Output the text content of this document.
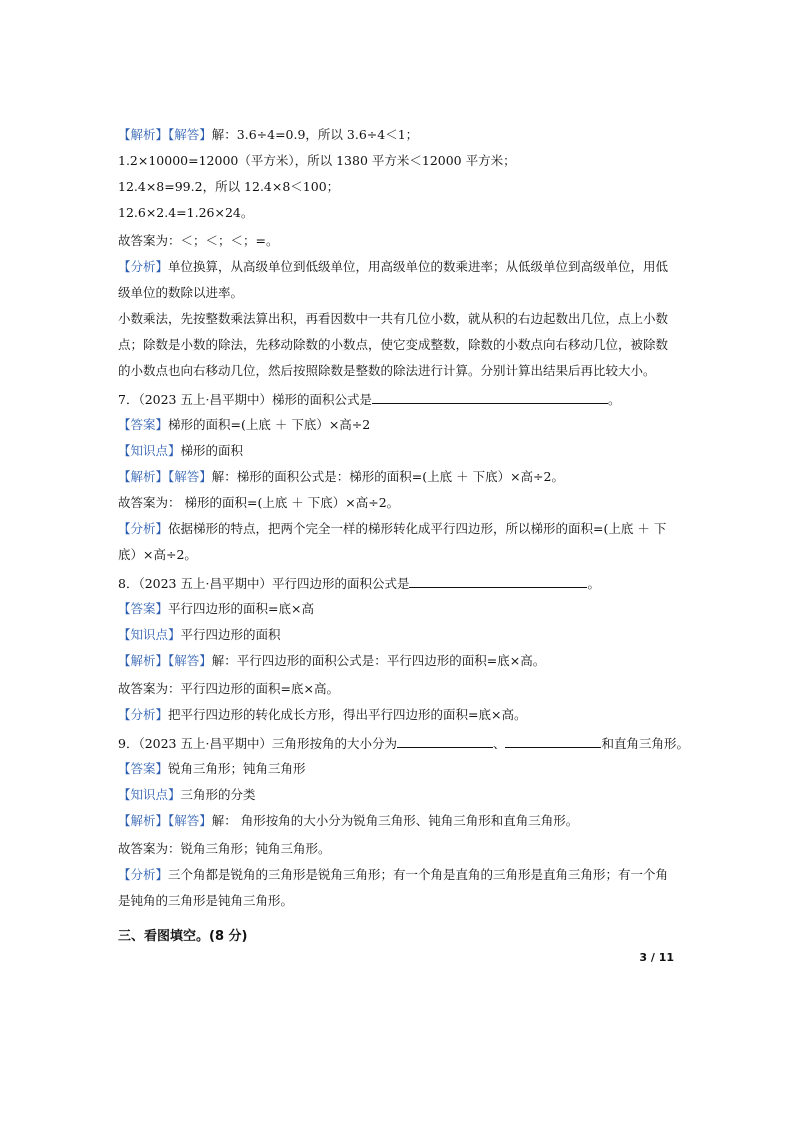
【解析】【解答】解：3.6÷4=0.9，所以 3.6÷4＜1；
1.2×10000=12000（平方米），所以 1380 平方米＜12000 平方米；
12.4×8=99.2，所以 12.4×8＜100；
12.6×2.4=1.26×24。
故答案为：＜；＜；＜；=。
【分析】单位换算，从高级单位到低级单位，用高级单位的数乘进率；从低级单位到高级单位，用低
级单位的数除以进率。
小数乘法，先按整数乘法算出积，再看因数中一共有几位小数，就从积的右边起数出几位，点上小数
点；除数是小数的除法，先移动除数的小数点，使它变成整数，除数的小数点向右移动几位，被除数
的小数点也向右移动几位，然后按照除数是整数的除法进行计算。分别计算出结果后再比较大小。
7．（2023 五上·昌平期中）梯形的面积公式是	。
【答案】梯形的面积=(上底 ＋ 下底）×高÷2
【知识点】梯形的面积
【解析】【解答】解：梯形的面积公式是：梯形的面积=(上底 ＋ 下底）×高÷2。
故答案为： 梯形的面积=(上底 ＋ 下底）×高÷2。
【分析】依据梯形的特点，把两个完全一样的梯形转化成平行四边形，所以梯形的面积=(上底 ＋ 下
底）×高÷2。
8．（2023 五上·昌平期中）平行四边形的面积公式是	。
【答案】平行四边形的面积=底×高
【知识点】平行四边形的面积
【解析】【解答】解：平行四边形的面积公式是：平行四边形的面积=底×高。
故答案为：平行四边形的面积=底×高。
【分析】把平行四边形的转化成长方形，得出平行四边形的面积=底×高。
9．（2023 五上·昌平期中）三角形按角的大小分为	、	和直角三角形。
【答案】锐角三角形；钝角三角形
【知识点】三角形的分类
【解析】【解答】解： 角形按角的大小分为锐角三角形、钝角三角形和直角三角形。
故答案为：锐角三角形；钝角三角形。
【分析】三个角都是锐角的三角形是锐角三角形；有一个角是直角的三角形是直角三角形；有一个角
是钝角的三角形是钝角三角形。
三、看图填空。(8 分)
3 / 11
